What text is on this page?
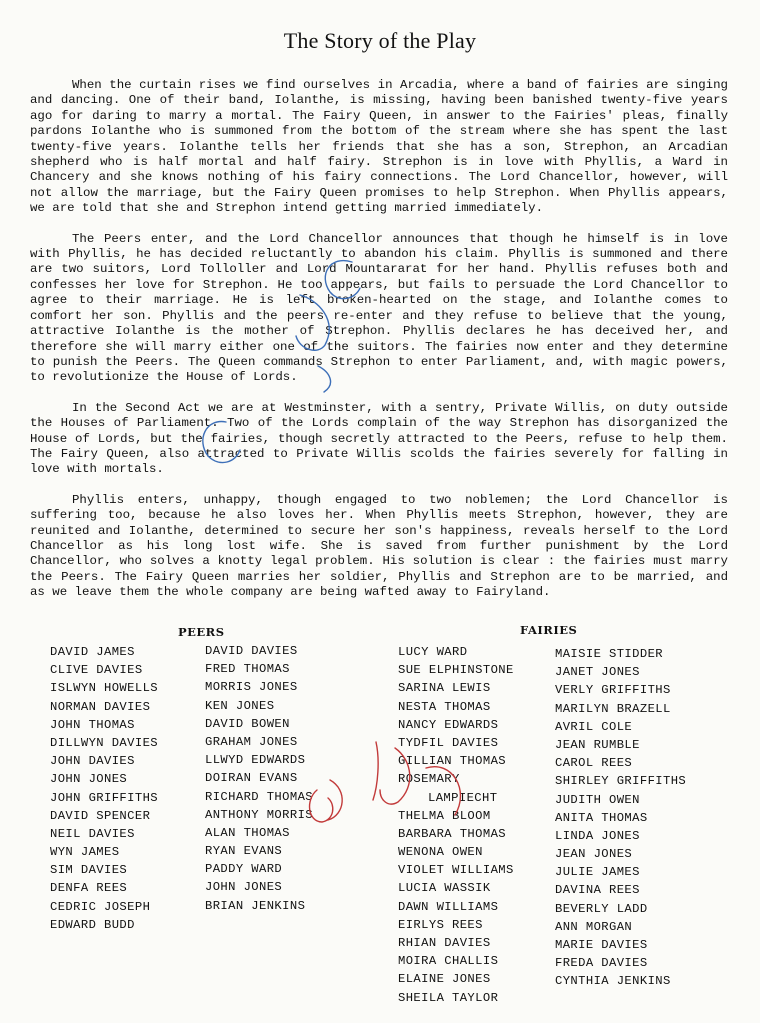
The Story of the Play

When the curtain rises we find ourselves in Arcadia, where a band of fairies are singing and dancing. One of their band, Iolanthe, is missing, having been banished twenty-five years ago for daring to marry a mortal. The Fairy Queen, in answer to the Fairies' pleas, finally pardons Iolanthe who is summoned from the bottom of the stream where she has spent the last twenty-five years. Iolanthe tells her friends that she has a son, Strephon, an Arcadian shepherd who is half mortal and half fairy. Strephon is in love with Phyllis, a Ward in Chancery and she knows nothing of his fairy connections. The Lord Chancellor, however, will not allow the marriage, but the Fairy Queen promises to help Strephon. When Phyllis appears, we are told that she and Strephon intend getting married immediately.

The Peers enter, and the Lord Chancellor announces that though he himself is in love with Phyllis, he has decided reluctantly to abandon his claim. Phyllis is summoned and there are two suitors, Lord Tolloller and Lord Mountararat for her hand. Phyllis refuses both and confesses her love for Strephon. He too appears, but fails to persuade the Lord Chancellor to agree to their marriage. He is left broken-hearted on the stage, and Iolanthe comes to comfort her son. Phyllis and the peers re-enter and they refuse to believe that the young, attractive Iolanthe is the mother of Strephon. Phyllis declares he has deceived her, and therefore she will marry either one of the suitors. The fairies now enter and they determine to punish the Peers. The Queen commands Strephon to enter Parliament, and, with magic powers, to revolutionize the House of Lords.

In the Second Act we are at Westminster, with a sentry, Private Willis, on duty outside the Houses of Parliament. Two of the Lords complain of the way Strephon has disorganized the House of Lords, but the fairies, though secretly attracted to the Peers, refuse to help them. The Fairy Queen, also attracted to Private Willis scolds the fairies severely for falling in love with mortals.

Phyllis enters, unhappy, though engaged to two noblemen; the Lord Chancellor is suffering too, because he also loves her. When Phyllis meets Strephon, however, they are reunited and Iolanthe, determined to secure her son's happiness, reveals herself to the Lord Chancellor as his long lost wife. She is saved from further punishment by the Lord Chancellor, who solves a knotty legal problem. His solution is clear : the fairies must marry the Peers. The Fairy Queen marries her soldier, Phyllis and Strephon are to be married, and as we leave them the whole company are being wafted away to Fairyland.

PEERS	FAIRIES
DAVID JAMES
CLIVE DAVIES
ISLWYN HOWELLS
NORMAN DAVIES
JOHN THOMAS
DILLWYN DAVIES
JOHN DAVIES
JOHN JONES
JOHN GRIFFITHS
DAVID SPENCER
NEIL DAVIES
WYN JAMES
SIM DAVIES
DENFA REES
CEDRIC JOSEPH
EDWARD BUDD
DAVID DAVIES
FRED THOMAS
MORRIS JONES
KEN JONES
DAVID BOWEN
GRAHAM JONES
LLWYD EDWARDS
DOIRAN EVANS
RICHARD THOMAS
ANTHONY MORRIS
ALAN THOMAS
RYAN EVANS
PADDY WARD
JOHN JONES
BRIAN JENKINS
LUCY WARD
SUE ELPHINSTONE
SARINA LEWIS
NESTA THOMAS
NANCY EDWARDS
TYDFIL DAVIES
GILLIAN THOMAS
ROSEMARY
LAMPIECHT
THELMA BLOOM
BARBARA THOMAS
WENONA OWEN
VIOLET WILLIAMS
LUCIA WASSIK
DAWN WILLIAMS
EIRLYS REES
RHIAN DAVIES
MOIRA CHALLIS
ELAINE JONES
SHEILA TAYLOR
MAISIE STIDDER
JANET JONES
VERLY GRIFFITHS
MARILYN BRAZELL
AVRIL COLE
JEAN RUMBLE
CAROL REES
SHIRLEY GRIFFITHS
JUDITH OWEN
ANITA THOMAS
LINDA JONES
JEAN JONES
JULIE JAMES
DAVINA REES
BEVERLY LADD
ANN MORGAN
MARIE DAVIES
FREDA DAVIES
CYNTHIA JENKINS
